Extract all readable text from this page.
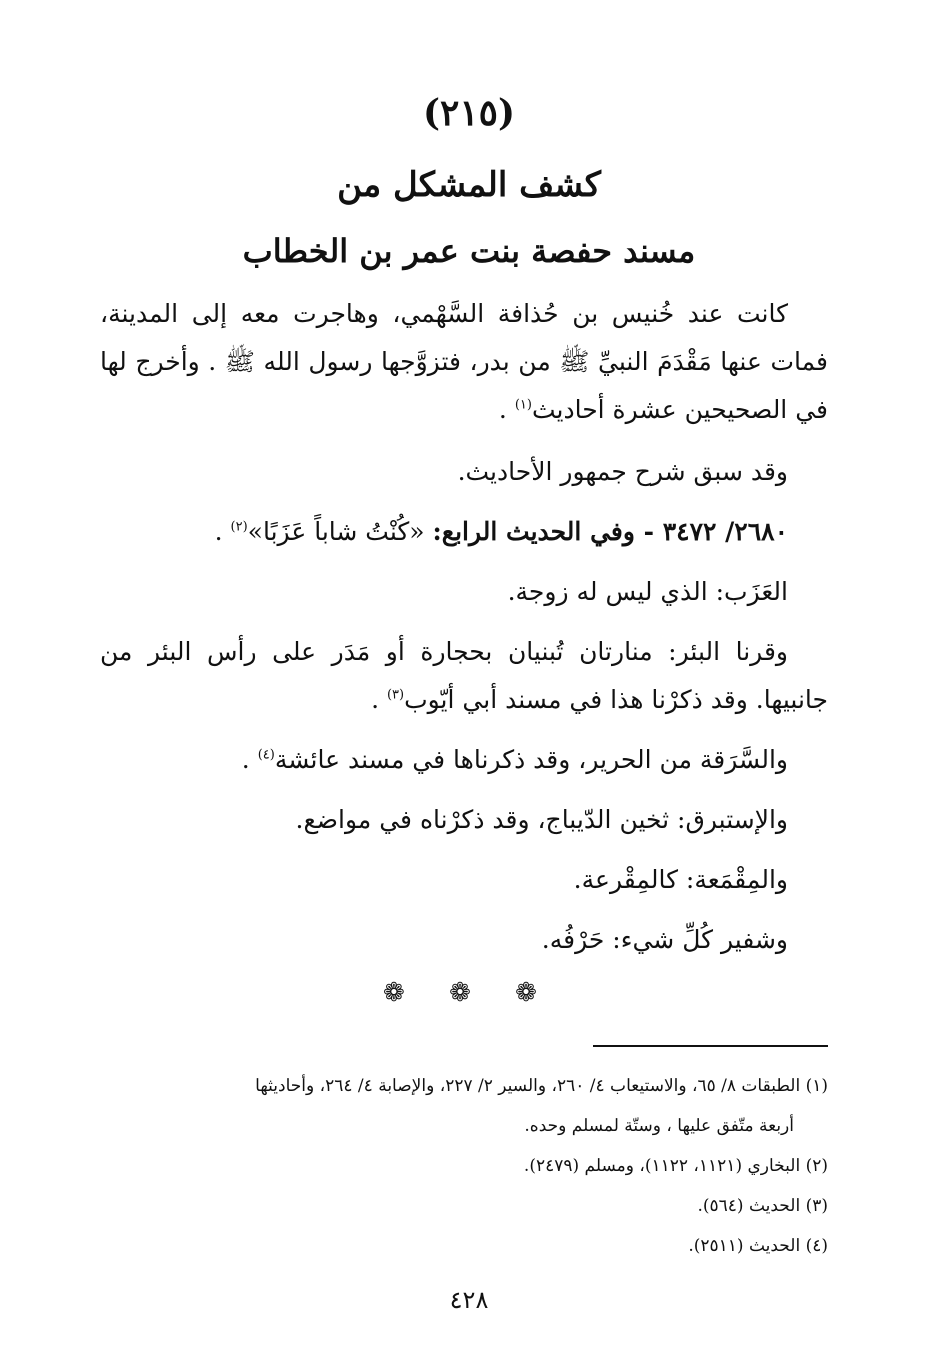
(٢١٥)
كشف المشكل من
مسند حفصة بنت عمر بن الخطاب

كانت عند خُنيس بن حُذافة السَّهْمي، وهاجرت معه إلى المدينة، فمات عنها مَقْدَمَ النبيِّ ﷺ من بدر، فتزوَّجها رسول الله ﷺ . وأخرج لها في الصحيحين عشرة أحاديث$^{(١)}$ .

وقد سبق شرح جمهور الأحاديث.

٢٦٨٠/ ٣٤٧٢ - وفي الحديث الرابع: «كُنْتُ شاباً عَزَبًا»$^{(٢)}$ .

العَزَب: الذي ليس له زوجة.

وقرنا البئر: منارتان تُبنيان بحجارة أو مَدَر على رأس البئر من جانبيها. وقد ذكرْنا هذا في مسند أبي أيّوب$^{(٣)}$ .

والسَّرَقة من الحرير، وقد ذكرناها في مسند عائشة$^{(٤)}$ .

والإستبرق: ثخين الدّيباج، وقد ذكرْناه في مواضع.

والمِقْمَعة: كالمِقْرعة.

وشفير كُلِّ شيء: حَرْفُه.

❁ ❁ ❁

(١) الطبقات ٨/ ٦٥، والاستيعاب ٤/ ٢٦٠، والسير ٢/ ٢٢٧، والإصابة ٤/ ٢٦٤، وأحاديثها
أربعة متّفق عليها ، وستّة لمسلم وحده.

(٢) البخاري (١١٢١، ١١٢٢)، ومسلم (٢٤٧٩).

(٣) الحديث (٥٦٤).

(٤) الحديث (٢٥١١).

٤٢٨
